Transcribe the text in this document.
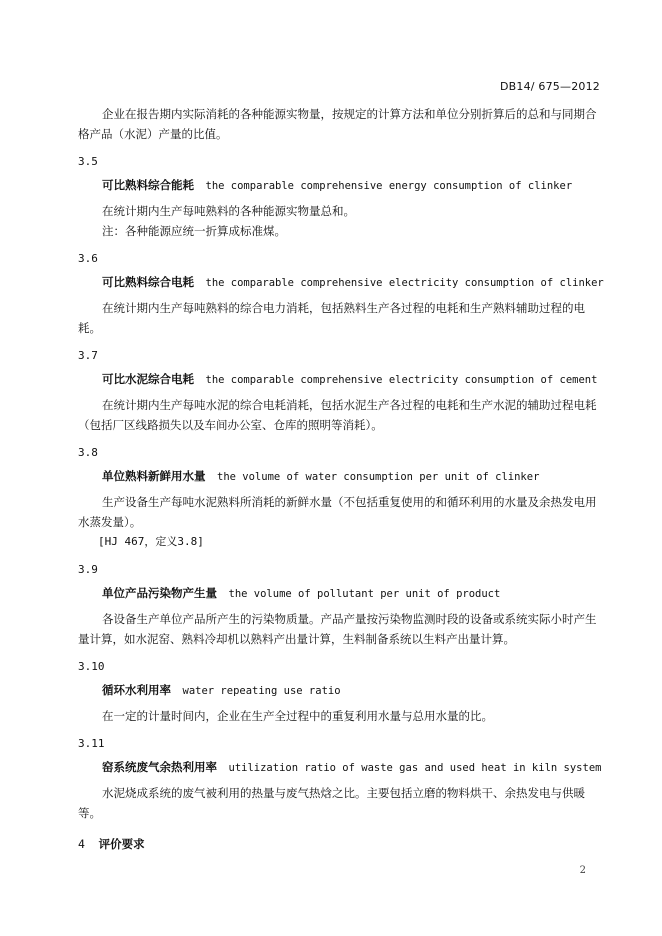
DB14/ 675—2012

企业在报告期内实际消耗的各种能源实物量，按规定的计算方法和单位分别折算后的总和与同期合格产品（水泥）产量的比值。

3.5
可比熟料综合能耗 the comparable comprehensive energy consumption of clinker

在统计期内生产每吨熟料的各种能源实物量总和。

注：各种能源应统一折算成标准煤。

3.6
可比熟料综合电耗 the comparable comprehensive electricity consumption of clinker

在统计期内生产每吨熟料的综合电力消耗，包括熟料生产各过程的电耗和生产熟料辅助过程的电耗。

3.7
可比水泥综合电耗 the comparable comprehensive electricity consumption of cement

在统计期内生产每吨水泥的综合电耗消耗，包括水泥生产各过程的电耗和生产水泥的辅助过程电耗（包括厂区线路损失以及车间办公室、仓库的照明等消耗）。

3.8
单位熟料新鲜用水量 the volume of water consumption per unit of clinker

生产设备生产每吨水泥熟料所消耗的新鲜水量（不包括重复使用的和循环利用的水量及余热发电用水蒸发量）。

[HJ 467，定义3.8]

3.9
单位产品污染物产生量 the volume of pollutant per unit of product

各设备生产单位产品所产生的污染物质量。产品产量按污染物监测时段的设备或系统实际小时产生量计算，如水泥窑、熟料冷却机以熟料产出量计算，生料制备系统以生料产出量计算。

3.10
循环水利用率 water repeating use ratio

在一定的计量时间内，企业在生产全过程中的重复利用水量与总用水量的比。

3.11
窑系统废气余热利用率 utilization ratio of waste gas and used heat in kiln system

水泥烧成系统的废气被利用的热量与废气热焓之比。主要包括立磨的物料烘干、余热发电与供暖等。

4 评价要求
2
